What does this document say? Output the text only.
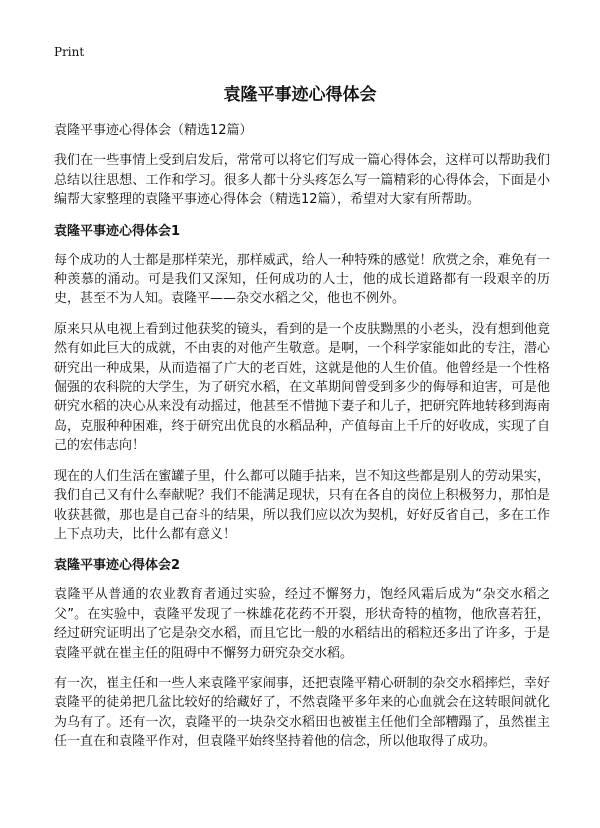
Print
袁隆平事迹心得体会

袁隆平事迹心得体会（精选12篇）

我们在一些事情上受到启发后，常常可以将它们写成一篇心得体会，这样可以帮助我们总结以往思想、工作和学习。很多人都十分头疼怎么写一篇精彩的心得体会，下面是小编帮大家整理的袁隆平事迹心得体会（精选12篇），希望对大家有所帮助。

袁隆平事迹心得体会1

每个成功的人士都是那样荣光，那样威武，给人一种特殊的感觉！欣赏之余，难免有一种羡慕的涌动。可是我们又深知，任何成功的人士，他的成长道路都有一段艰辛的历史，甚至不为人知。袁隆平——杂交水稻之父，他也不例外。

原来只从电视上看到过他获奖的镜头，看到的是一个皮肤黝黑的小老头，没有想到他竟然有如此巨大的成就，不由衷的对他产生敬意。是啊，一个科学家能如此的专注，潜心研究出一种成果，从而造福了广大的老百姓，这就是他的人生价值。他曾经是一个性格倔强的农科院的大学生，为了研究水稻，在文革期间曾受到多少的侮辱和迫害，可是他研究水稻的决心从来没有动摇过，他甚至不惜抛下妻子和儿子，把研究阵地转移到海南岛，克服种种困难，终于研究出优良的水稻品种，产值每亩上千斤的好收成，实现了自己的宏伟志向！

现在的人们生活在蜜罐子里，什么都可以随手拈来，岂不知这些都是别人的劳动果实，我们自己又有什么奉献呢？我们不能满足现状，只有在各自的岗位上积极努力，那怕是收获甚微，那也是自己奋斗的结果，所以我们应以次为契机，好好反省自己，多在工作上下点功夫，比什么都有意义！

袁隆平事迹心得体会2

袁隆平从普通的农业教育者通过实验，经过不懈努力，饱经风霜后成为“杂交水稻之父”。在实验中，袁隆平发现了一株雄花花药不开裂，形状奇特的植物，他欣喜若狂，经过研究证明出了它是杂交水稻，而且它比一般的水稻结出的稻粒还多出了许多，于是袁隆平就在崔主任的阻碍中不懈努力研究杂交水稻。

有一次，崔主任和一些人来袁隆平家闹事，还把袁隆平精心研制的杂交水稻摔烂，幸好袁隆平的徒弟把几盆比较好的给藏好了，不然袁隆平多年来的心血就会在这转眼间就化为乌有了。还有一次，袁隆平的一块杂交水稻田也被崔主任他们全部糟蹋了，虽然崔主任一直在和袁隆平作对，但袁隆平始终坚持着他的信念，所以他取得了成功。
